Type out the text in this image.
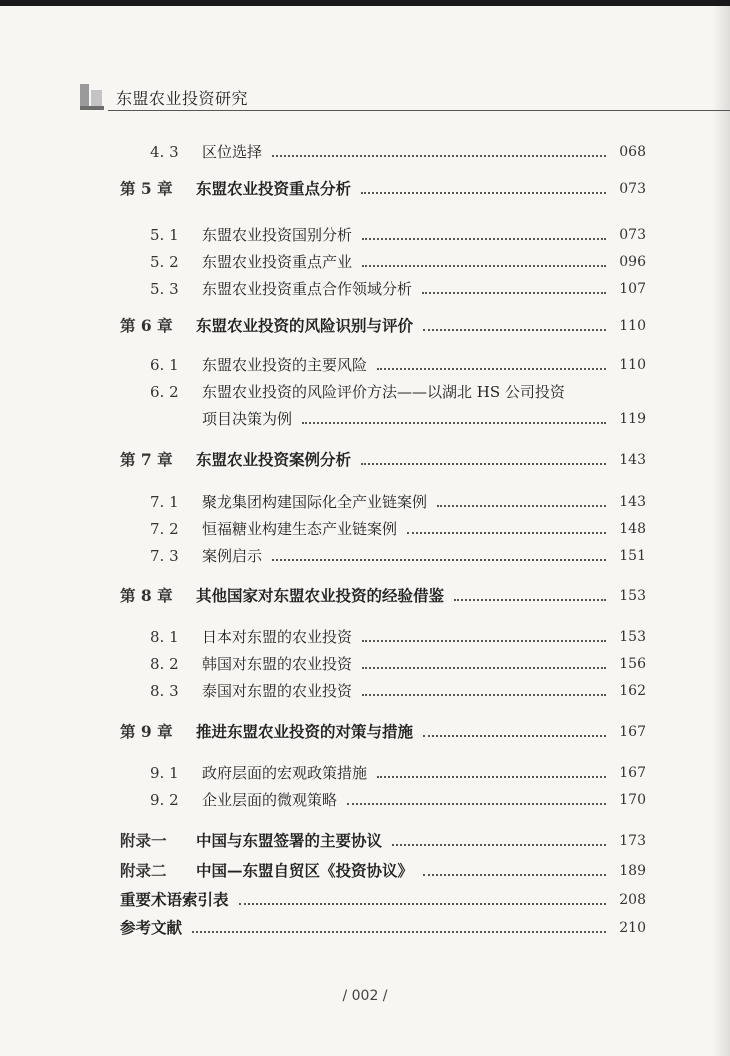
东盟农业投资研究
4. 3	区位选择	068
第 5 章	东盟农业投资重点分析	073
5. 1	东盟农业投资国别分析	073
5. 2	东盟农业投资重点产业	096
5. 3	东盟农业投资重点合作领域分析	107
第 6 章	东盟农业投资的风险识别与评价	110
6. 1	东盟农业投资的主要风险	110
6. 2	东盟农业投资的风险评价方法——以湖北 HS 公司投资
项目决策为例	119
第 7 章	东盟农业投资案例分析	143
7. 1	聚龙集团构建国际化全产业链案例	143
7. 2	恒福糖业构建生态产业链案例	148
7. 3	案例启示	151
第 8 章	其他国家对东盟农业投资的经验借鉴	153
8. 1	日本对东盟的农业投资	153
8. 2	韩国对东盟的农业投资	156
8. 3	泰国对东盟的农业投资	162
第 9 章	推进东盟农业投资的对策与措施	167
9. 1	政府层面的宏观政策措施	167
9. 2	企业层面的微观策略	170
附录一	中国与东盟签署的主要协议	173
附录二	中国—东盟自贸区《投资协议》	189
重要术语索引表	208
参考文献	210
/ 002 /
